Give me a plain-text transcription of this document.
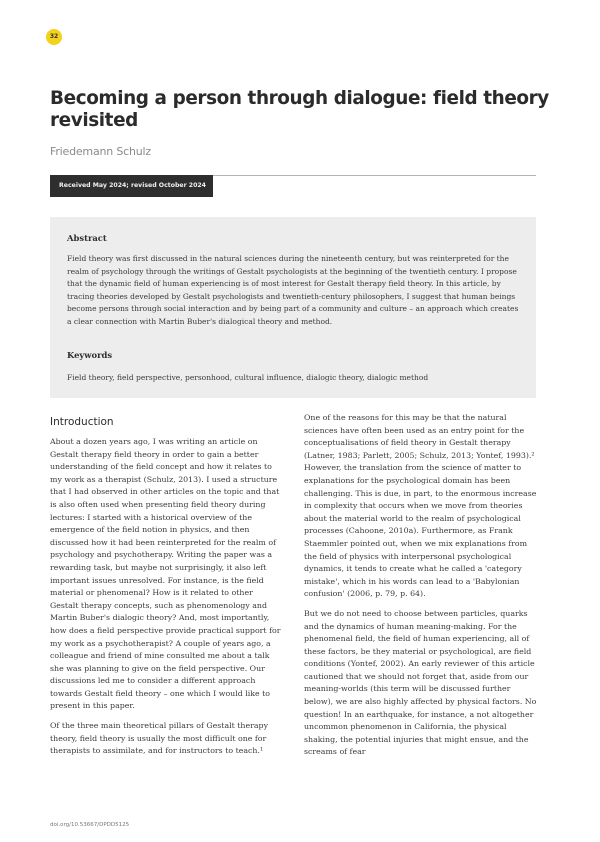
32
Becoming a person through dialogue: field theory revisited
Friedemann Schulz
Received May 2024; revised October 2024
Abstract

Field theory was first discussed in the natural sciences during the nineteenth century, but was reinterpreted for the realm of psychology through the writings of Gestalt psychologists at the beginning of the twentieth century. I propose that the dynamic field of human experiencing is of most interest for Gestalt therapy field theory. In this article, by tracing theories developed by Gestalt psychologists and twentieth-century philosophers, I suggest that human beings become persons through social interaction and by being part of a community and culture – an approach which creates a clear connection with Martin Buber's dialogical theory and method.

Keywords

Field theory, field perspective, personhood, cultural influence, dialogic theory, dialogic method

Introduction

About a dozen years ago, I was writing an article on Gestalt therapy field theory in order to gain a better understanding of the field concept and how it relates to my work as a therapist (Schulz, 2013). I used a structure that I had observed in other articles on the topic and that is also often used when presenting field theory during lectures: I started with a historical overview of the emergence of the field notion in physics, and then discussed how it had been reinterpreted for the realm of psychology and psychotherapy. Writing the paper was a rewarding task, but maybe not surprisingly, it also left important issues unresolved. For instance, is the field material or phenomenal? How is it related to other Gestalt therapy concepts, such as phenomenology and Martin Buber's dialogic theory? And, most importantly, how does a field perspective provide practical support for my work as a psychotherapist? A couple of years ago, a colleague and friend of mine consulted me about a talk she was planning to give on the field perspective. Our discussions led me to consider a different approach towards Gestalt field theory – one which I would like to present in this paper.

Of the three main theoretical pillars of Gestalt therapy theory, field theory is usually the most difficult one for therapists to assimilate, and for instructors to teach.¹

One of the reasons for this may be that the natural sciences have often been used as an entry point for the conceptualisations of field theory in Gestalt therapy (Latner, 1983; Parlett, 2005; Schulz, 2013; Yontef, 1993).² However, the translation from the science of matter to explanations for the psychological domain has been challenging. This is due, in part, to the enormous increase in complexity that occurs when we move from theories about the material world to the realm of psychological processes (Cahoone, 2010a). Furthermore, as Frank Staemmler pointed out, when we mix explanations from the field of physics with interpersonal psychological dynamics, it tends to create what he called a 'category mistake', which in his words can lead to a 'Babylonian confusion' (2006, p. 79, p. 64).

But we do not need to choose between particles, quarks and the dynamics of human meaning-making. For the phenomenal field, the field of human experiencing, all of these factors, be they material or psychological, are field conditions (Yontef, 2002). An early reviewer of this article cautioned that we should not forget that, aside from our meaning-worlds (this term will be discussed further below), we are also highly affected by physical factors. No question! In an earthquake, for instance, a not altogether uncommon phenomenon in California, the physical shaking, the potential injuries that might ensue, and the screams of fear

doi.org/10.53667/DPDD5125
